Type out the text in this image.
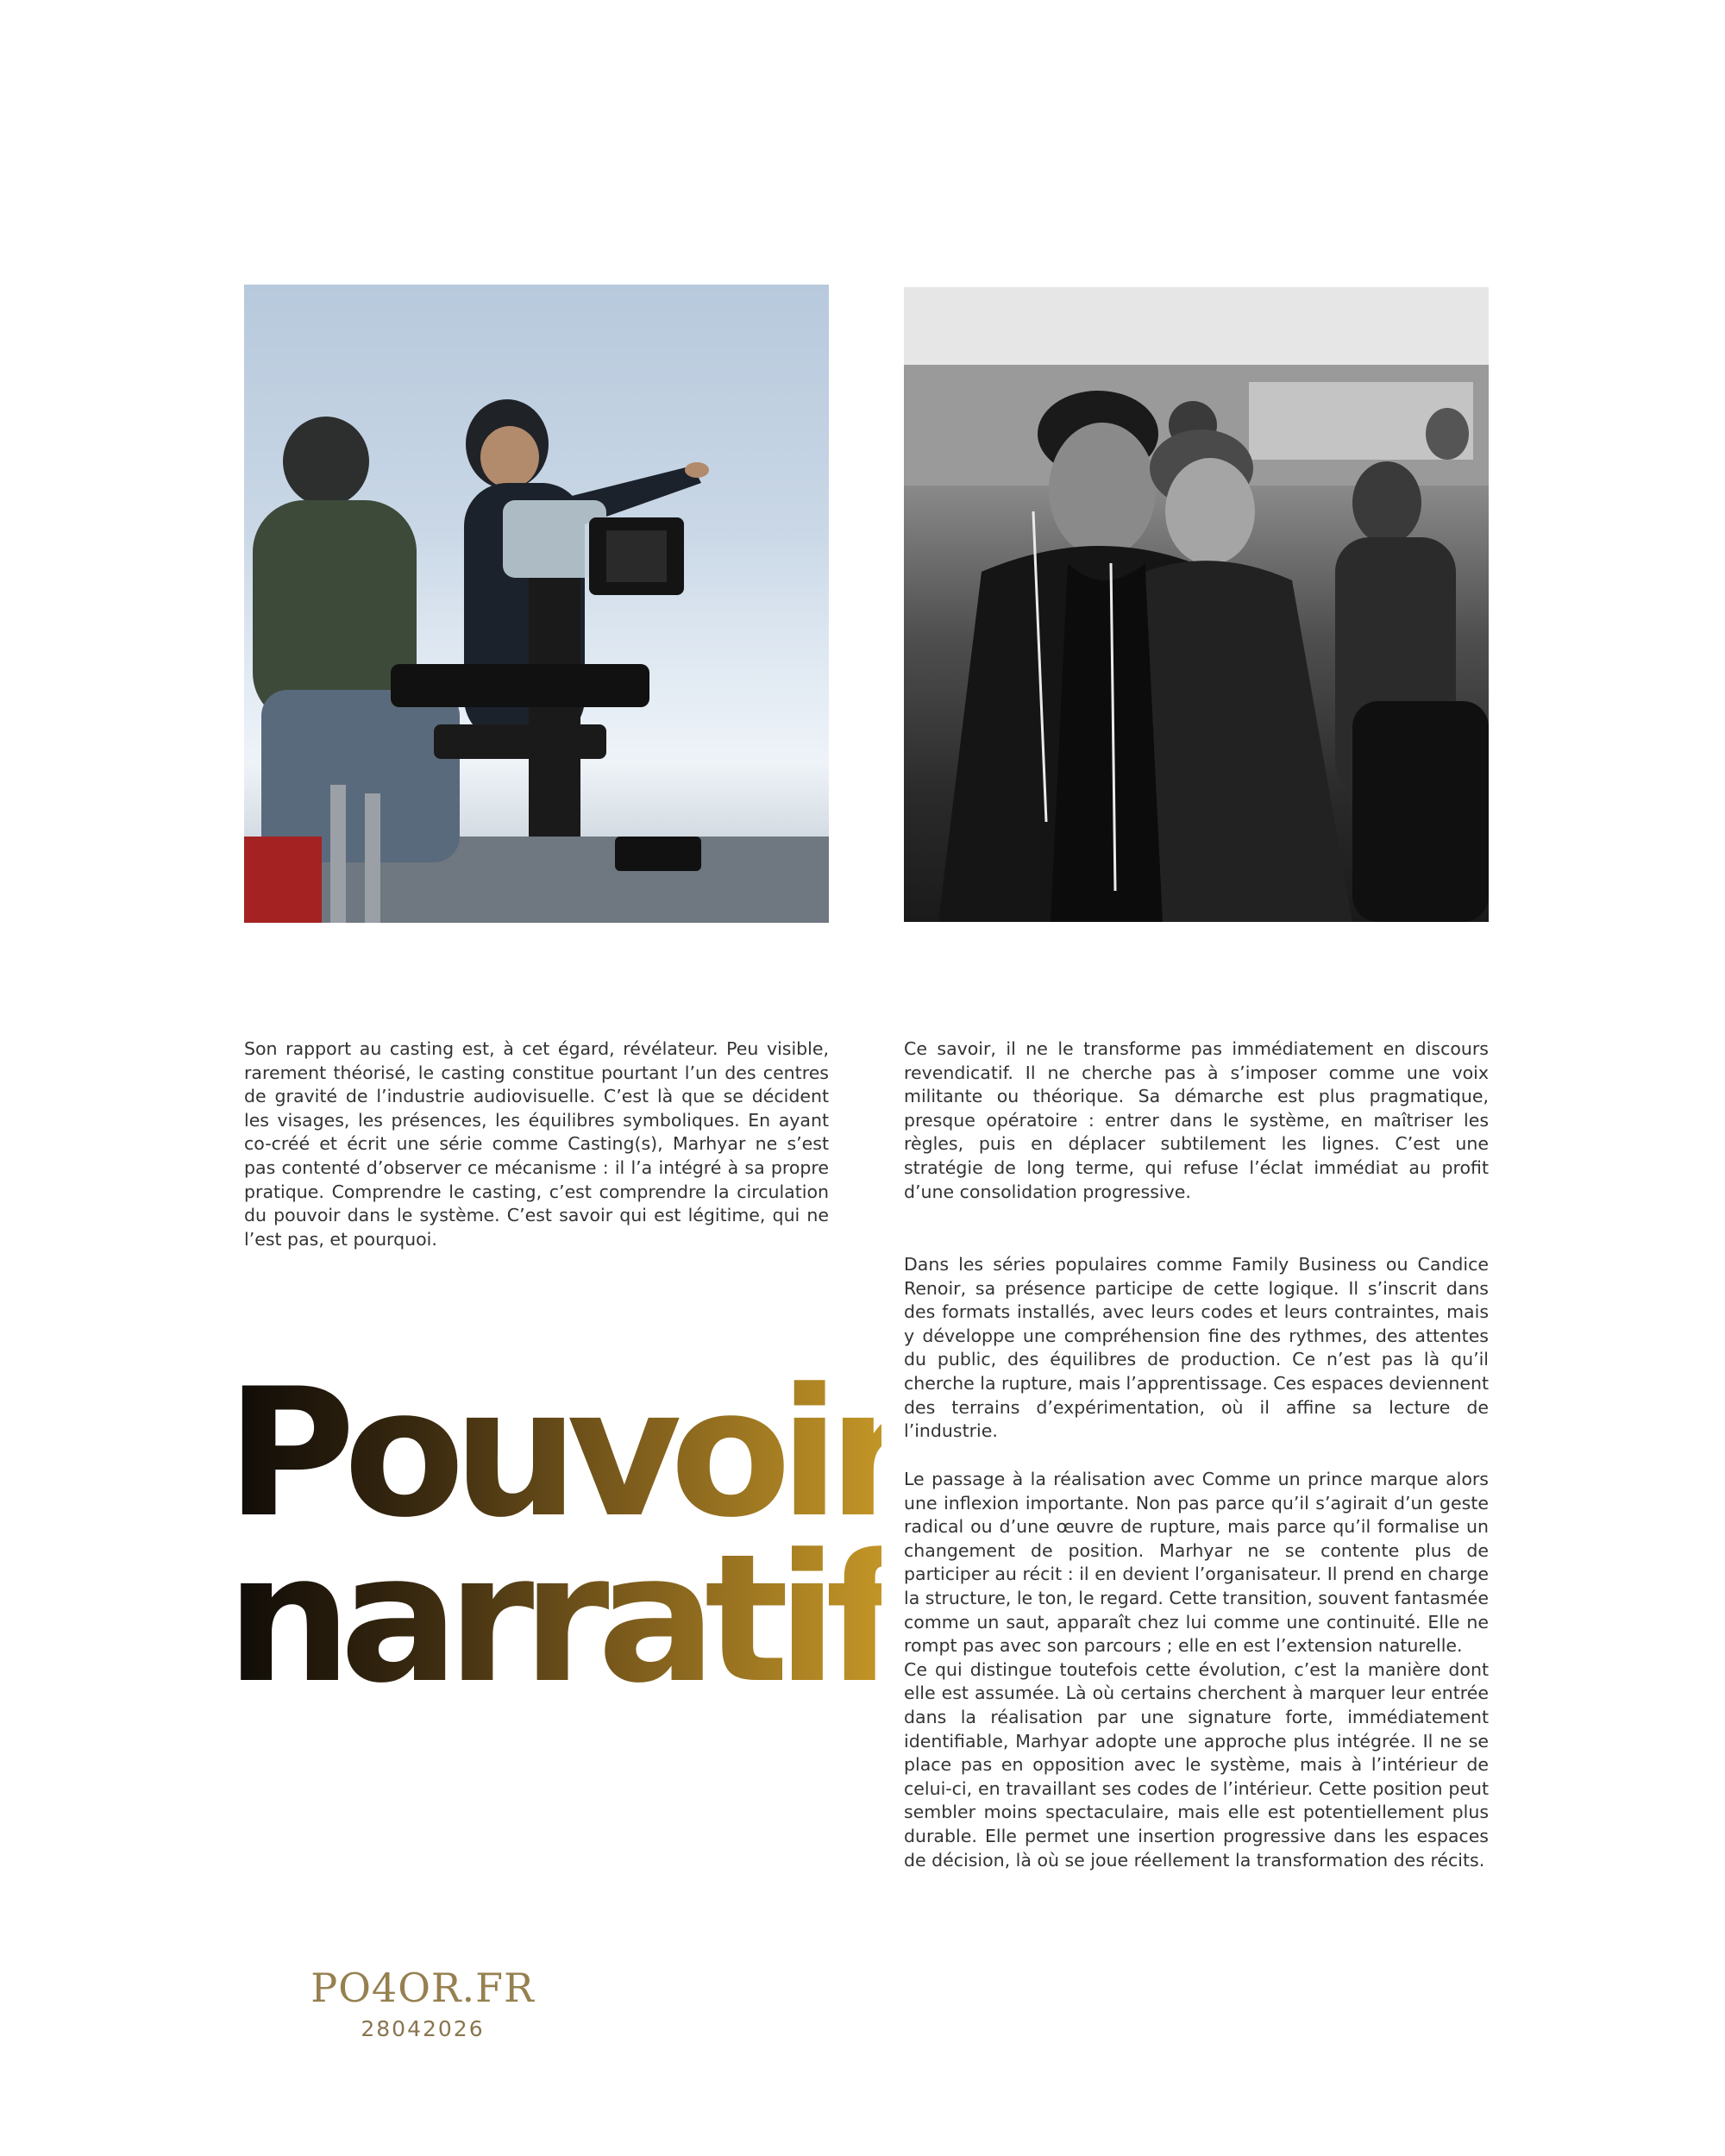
Son rapport au casting est, à cet égard, révélateur. Peu visible, rarement théorisé, le casting constitue pourtant l’un des centres de gravité de l’industrie audiovisuelle. C’est là que se décident les visages, les présences, les équilibres symboliques. En ayant co-créé et écrit une série comme Casting(s), Marhyar ne s’est pas contenté d’observer ce mécanisme : il l’a intégré à sa propre pratique. Comprendre le casting, c’est comprendre la circulation du pouvoir dans le système. C’est savoir qui est légitime, qui ne l’est pas, et pourquoi.

Ce savoir, il ne le transforme pas immédiatement en discours revendicatif. Il ne cherche pas à s’imposer comme une voix militante ou théorique. Sa démarche est plus pragmatique, presque opératoire : entrer dans le système, en maîtriser les règles, puis en déplacer subtilement les lignes. C’est une stratégie de long terme, qui refuse l’éclat immédiat au profit d’une consolidation progressive.

Dans les séries populaires comme Family Business ou Candice Renoir, sa présence participe de cette logique. Il s’inscrit dans des formats installés, avec leurs codes et leurs contraintes, mais y développe une compréhension fine des rythmes, des attentes du public, des équilibres de production. Ce n’est pas là qu’il cherche la rupture, mais l’apprentissage. Ces espaces deviennent des terrains d’expérimentation, où il affine sa lecture de l’industrie.

Le passage à la réalisation avec Comme un prince marque alors une inflexion importante. Non pas parce qu’il s’agirait d’un geste radical ou d’une œuvre de rupture, mais parce qu’il formalise un changement de position. Marhyar ne se contente plus de participer au récit : il en devient l’organisateur. Il prend en charge la structure, le ton, le regard. Cette transition, souvent fantasmée comme un saut, apparaît chez lui comme une continuité. Elle ne rompt pas avec son parcours ; elle en est l’extension naturelle.

Ce qui distingue toutefois cette évolution, c’est la manière dont elle est assumée. Là où certains cherchent à marquer leur entrée dans la réalisation par une signature forte, immédiatement identifiable, Marhyar adopte une approche plus intégrée. Il ne se place pas en opposition avec le système, mais à l’intérieur de celui-ci, en travaillant ses codes de l’intérieur. Cette position peut sembler moins spectaculaire, mais elle est potentiellement plus durable. Elle permet une insertion progressive dans les espaces de décision, là où se joue réellement la transformation des récits.

Pouvoir
narratif
PO4OR.FR
28042026
